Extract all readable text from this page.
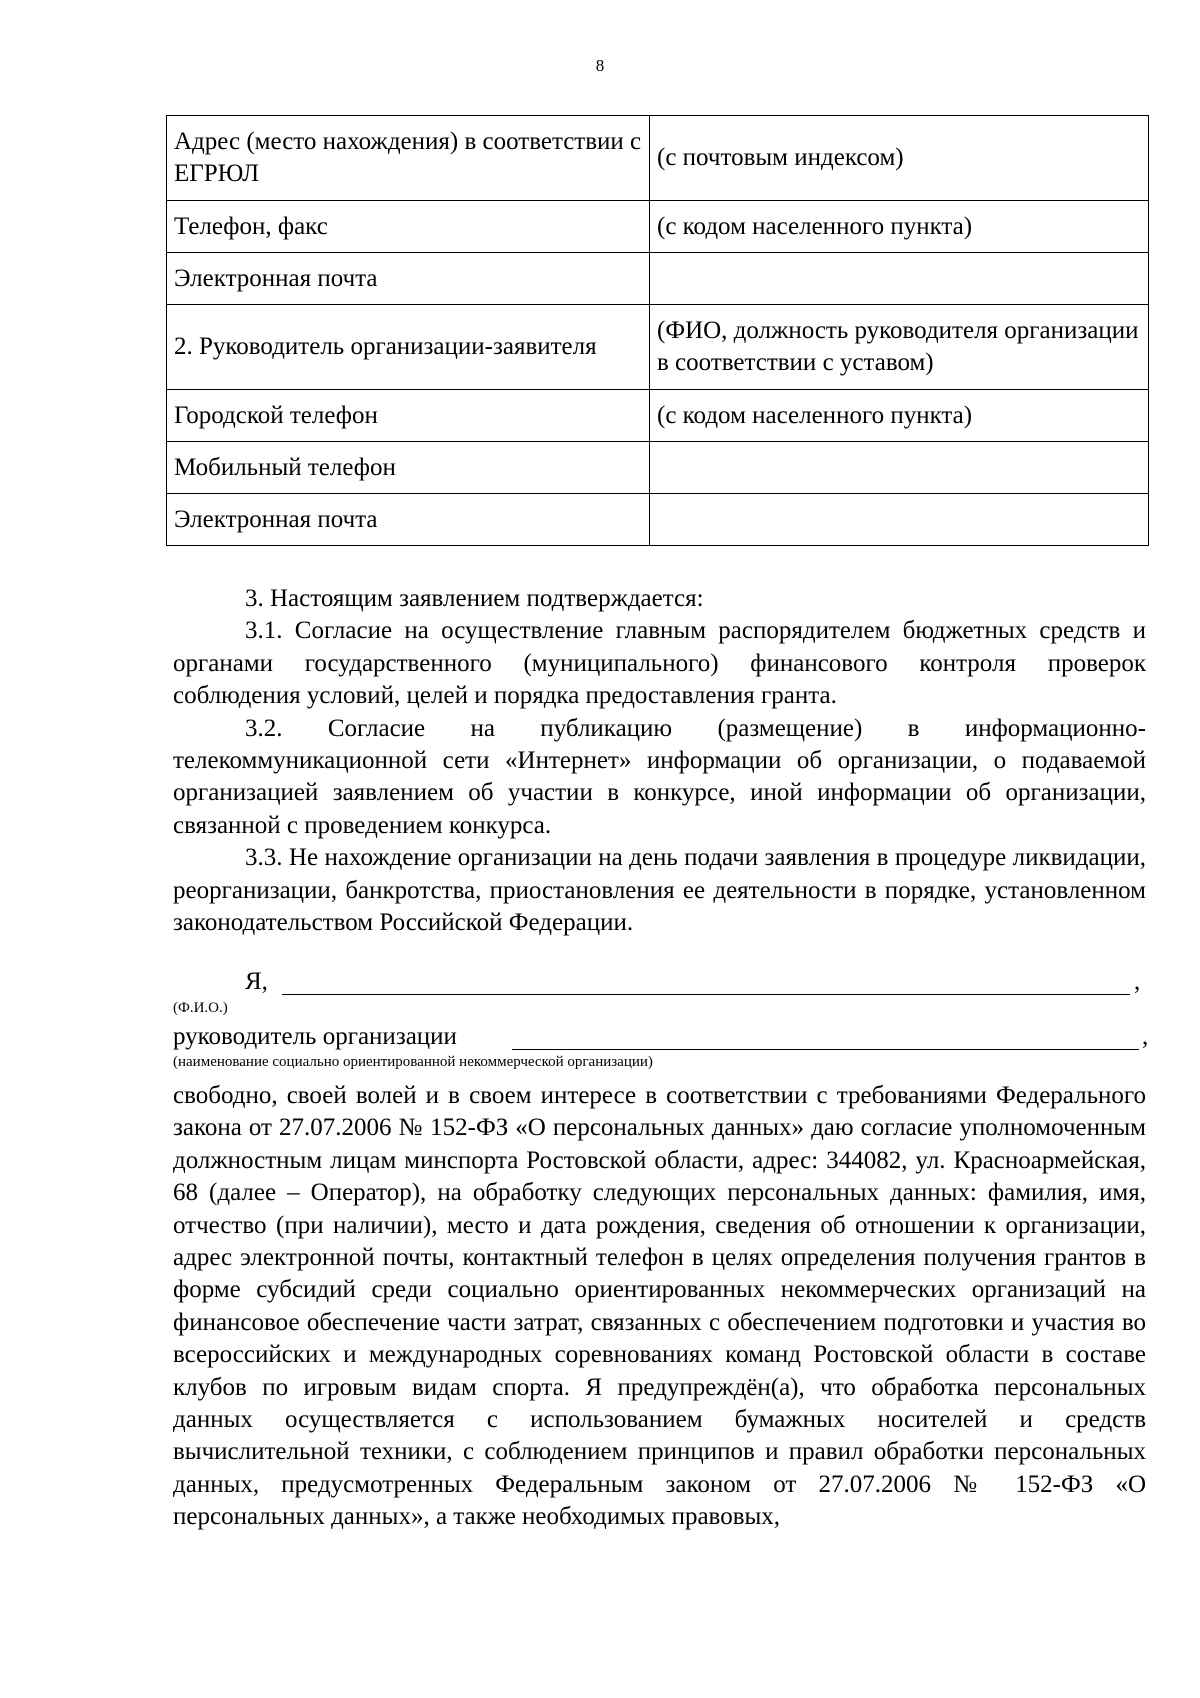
8
Адрес (место нахождения) в соответствии с ЕГРЮЛ	(с почтовым индексом)
Телефон, факс	(с кодом населенного пункта)
Электронная почта	
2. Руководитель организации-заявителя	(ФИО, должность руководителя организации в соответствии с уставом)
Городской телефон	(с кодом населенного пункта)
Мобильный телефон	
Электронная почта	

3. Настоящим заявлением подтверждается:

3.1. Согласие на осуществление главным распорядителем бюджетных средств и органами государственного (муниципального) финансового контроля проверок соблюдения условий, целей и порядка предоставления гранта.

3.2. Согласие на публикацию (размещение) в информационно-телекоммуникационной сети «Интернет» информации об организации, о подаваемой организацией заявлением об участии в конкурсе, иной информации об организации, связанной с проведением конкурса.

3.3. Не нахождение организации на день подачи заявления в процедуре ликвидации, реорганизации, банкротства, приостановления ее деятельности в порядке, установленном законодательством Российской Федерации.

Я,	,
(Ф.И.О.)
руководитель организации	,
(наименование социально ориентированной некоммерческой организации)

свободно, своей волей и в своем интересе в соответствии с требованиями Федерального закона от 27.07.2006 № 152-ФЗ «О персональных данных» даю согласие уполномоченным должностным лицам минспорта Ростовской области, адрес: 344082, ул. Красноармейская, 68 (далее – Оператор), на обработку следующих персональных данных: фамилия, имя, отчество (при наличии), место и дата рождения, сведения об отношении к организации, адрес электронной почты, контактный телефон в целях определения получения грантов в форме субсидий среди социально ориентированных некоммерческих организаций на финансовое обеспечение части затрат, связанных с обеспечением подготовки и участия во всероссийских и международных соревнованиях команд Ростовской области в составе клубов по игровым видам спорта. Я предупреждён(а), что обработка персональных данных осуществляется с использованием бумажных носителей и средств вычислительной техники, с соблюдением принципов и правил обработки персональных данных, предусмотренных Федеральным законом от 27.07.2006 № 152-ФЗ «О персональных данных», а также необходимых правовых,
